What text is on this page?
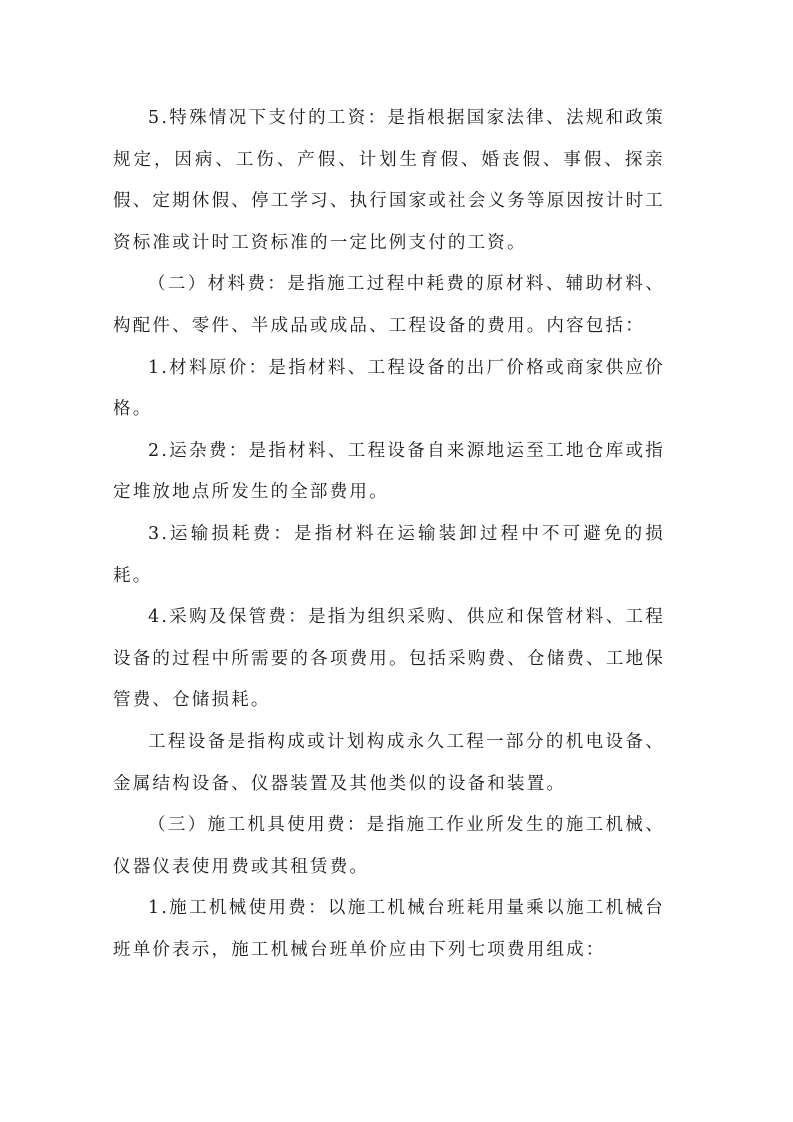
5.特殊情况下支付的工资：是指根据国家法律、法规和政策规定，因病、工伤、产假、计划生育假、婚丧假、事假、探亲假、定期休假、停工学习、执行国家或社会义务等原因按计时工资标准或计时工资标准的一定比例支付的工资。

（二）材料费：是指施工过程中耗费的原材料、辅助材料、构配件、零件、半成品或成品、工程设备的费用。内容包括：

1.材料原价：是指材料、工程设备的出厂价格或商家供应价格。

2.运杂费：是指材料、工程设备自来源地运至工地仓库或指定堆放地点所发生的全部费用。

3.运输损耗费：是指材料在运输装卸过程中不可避免的损耗。

4.采购及保管费：是指为组织采购、供应和保管材料、工程设备的过程中所需要的各项费用。包括采购费、仓储费、工地保管费、仓储损耗。

工程设备是指构成或计划构成永久工程一部分的机电设备、金属结构设备、仪器装置及其他类似的设备和装置。

（三）施工机具使用费：是指施工作业所发生的施工机械、仪器仪表使用费或其租赁费。

1.施工机械使用费：以施工机械台班耗用量乘以施工机械台班单价表示，施工机械台班单价应由下列七项费用组成：
